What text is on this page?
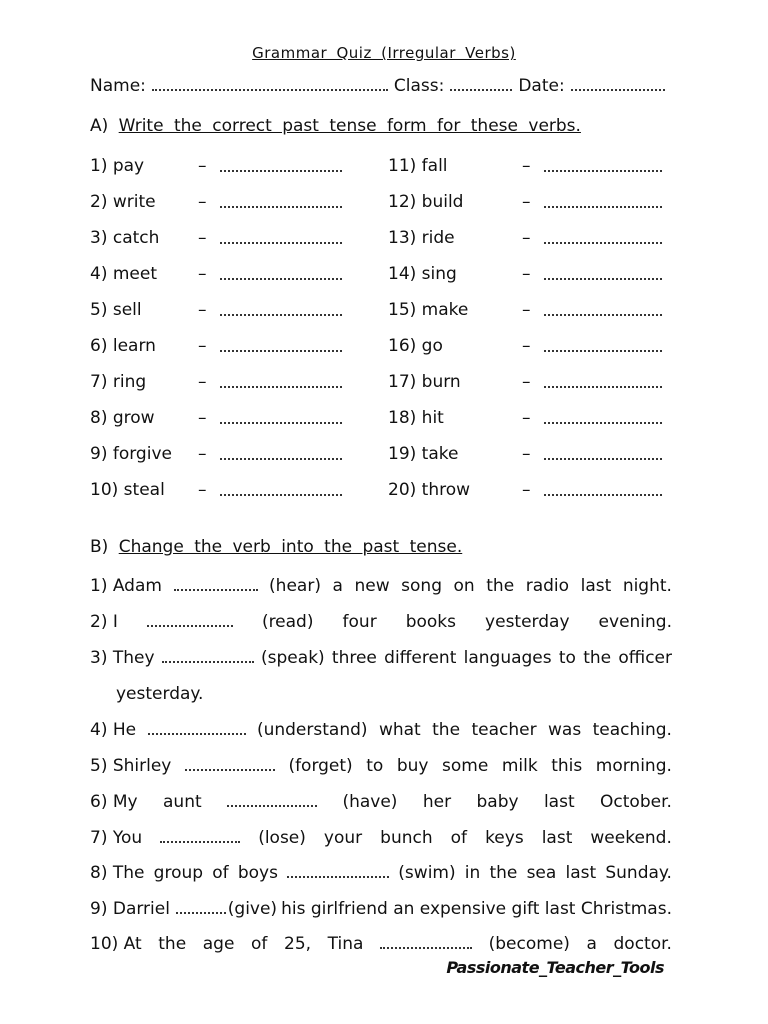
Grammar Quiz (Irregular Verbs)
Name:	Class:	Date:
A) Write the correct past tense form for these verbs.
1) pay	–
2) write –
3) catch –
4) meet –
5) sell	–
6) learn –
7) ring	–
8) grow	–
9) forgive –
10) steal –
11) fall	–
12) build	–
13) ride	–
14) sing	–
15) make	–
16) go	–
17) burn	–
18) hit	–
19) take	–
20) throw	–
B) Change the verb into the past tense.
1) Adam	(hear) a new song on the radio last night.
2) I	(read) four books yesterday evening.
3) They	(speak) three different languages to the officer
yesterday.
4) He	(understand) what the teacher was teaching.
5) Shirley	(forget) to buy some milk this morning.
6) My aunt	(have) her baby last October.
7) You	(lose) your bunch of keys last weekend.
8) The group of boys	(swim) in the sea last Sunday.
9) Darriel	(give) his girlfriend an expensive gift last Christmas.
10) At the age of 25, Tina	(become) a doctor.
Passionate_Teacher_Tools
